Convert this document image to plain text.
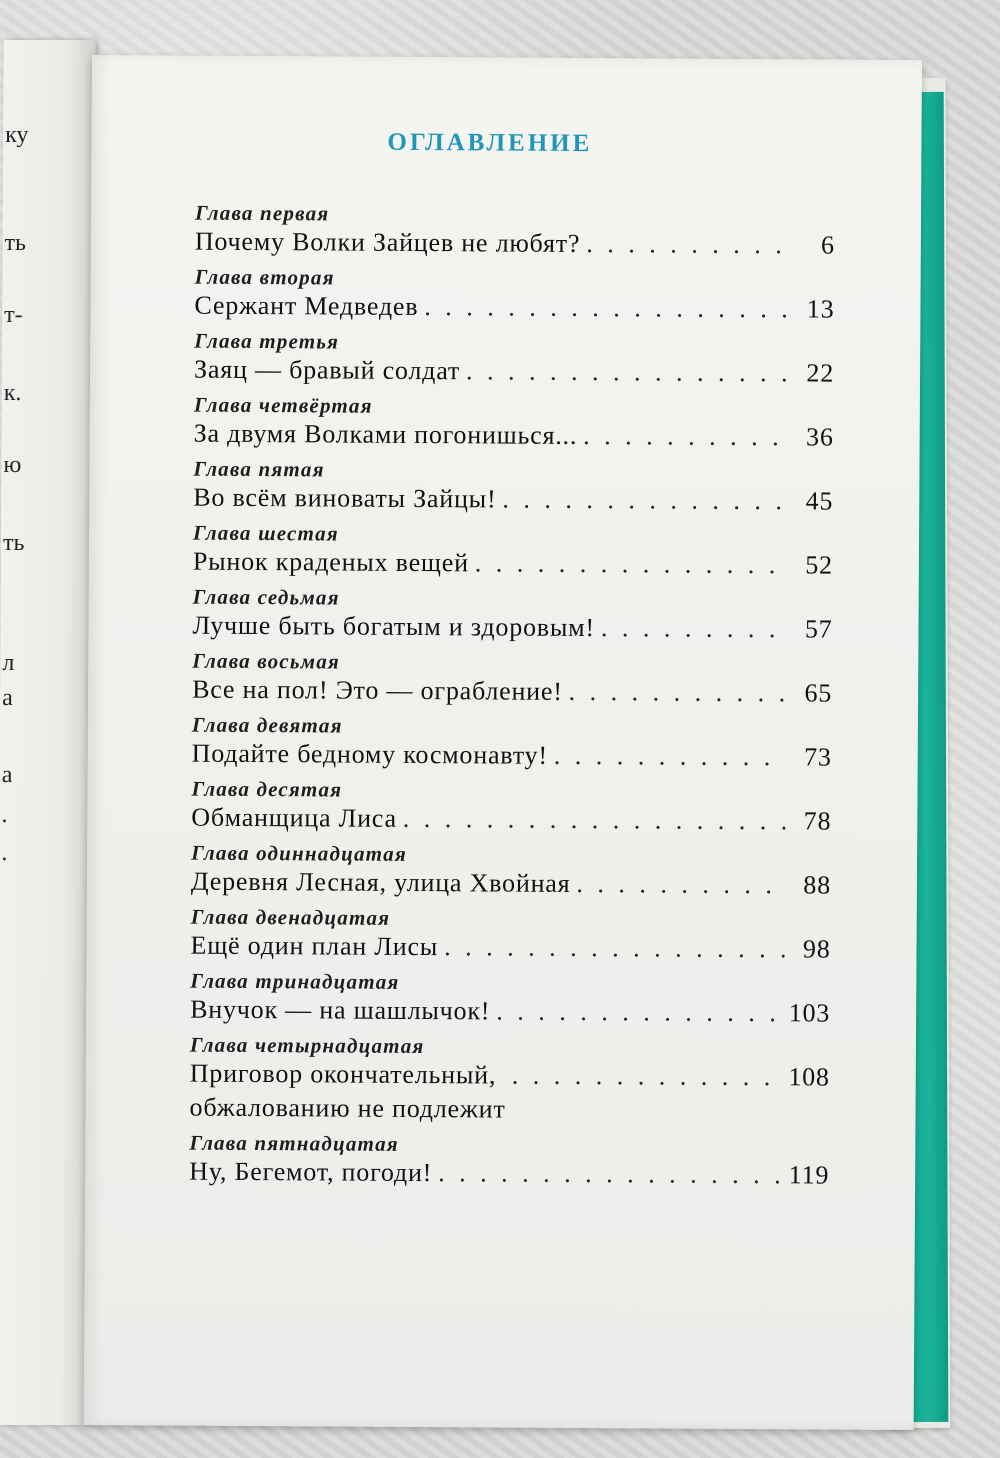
ку
ть
т-
к.
ю
ть
л
а
а
.
.
ОГЛАВЛЕНИЕ
Глава первая
Почему Волки Зайцев не любят? . . .	6
Глава вторая
Сержант Медведев . . .	13
Глава третья
Заяц — бравый солдат . . .	22
Глава четвёртая
За двумя Волками погонишься... . . .	36
Глава пятая
Во всём виноваты Зайцы! . . .	45
Глава шестая
Рынок краденых вещей . . .	52
Глава седьмая
Лучше быть богатым и здоровым! . . .	57
Глава восьмая
Все на пол! Это — ограбление! . . .	65
Глава девятая
Подайте бедному космонавту! . . .	73
Глава десятая
Обманщица Лиса . . .	78
Глава одиннадцатая
Деревня Лесная, улица Хвойная . . .	88
Глава двенадцатая
Ещё один план Лисы . . .	98
Глава тринадцатая
Внучок — на шашлычок! . . .	103
Глава четырнадцатая
Приговор окончательный,
обжалованию не подлежит
. . .
108
Глава пятнадцатая
Ну, Бегемот, погоди! . . .	119
